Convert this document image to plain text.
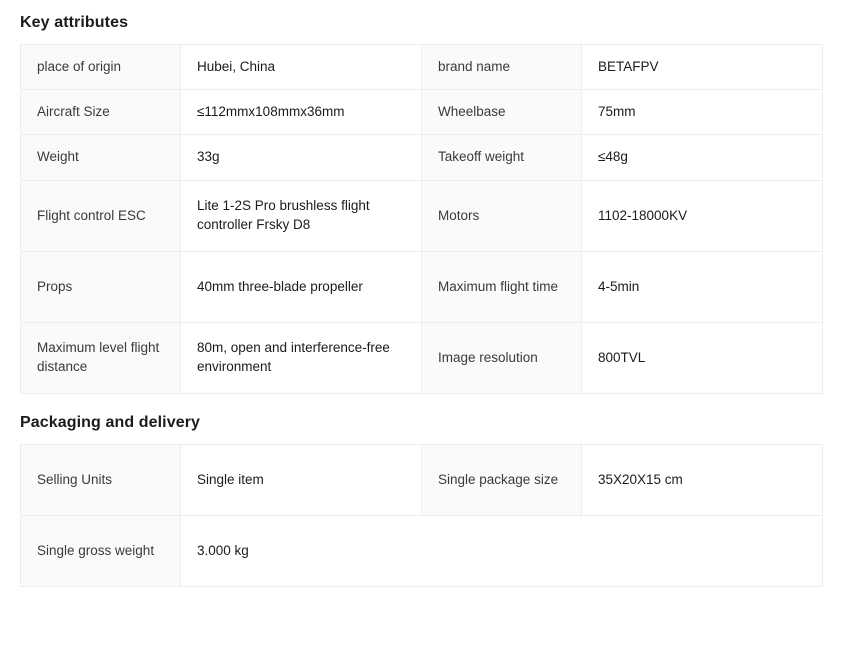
Key attributes
place of origin	Hubei, China	brand name	BETAFPV
Aircraft Size	≤112mmx108mmx36mm	Wheelbase	75mm
Weight	33g	Takeoff weight	≤48g
Flight control ESC	Lite 1-2S Pro brushless flight controller Frsky D8	Motors	1102-18000KV
Props	40mm three-blade propeller	Maximum flight time	4-5min
Maximum level flight distance	80m, open and interference-free environment	Image resolution	800TVL
Packaging and delivery
Selling Units	Single item	Single package size	35X20X15 cm
Single gross weight	3.000 kg		
